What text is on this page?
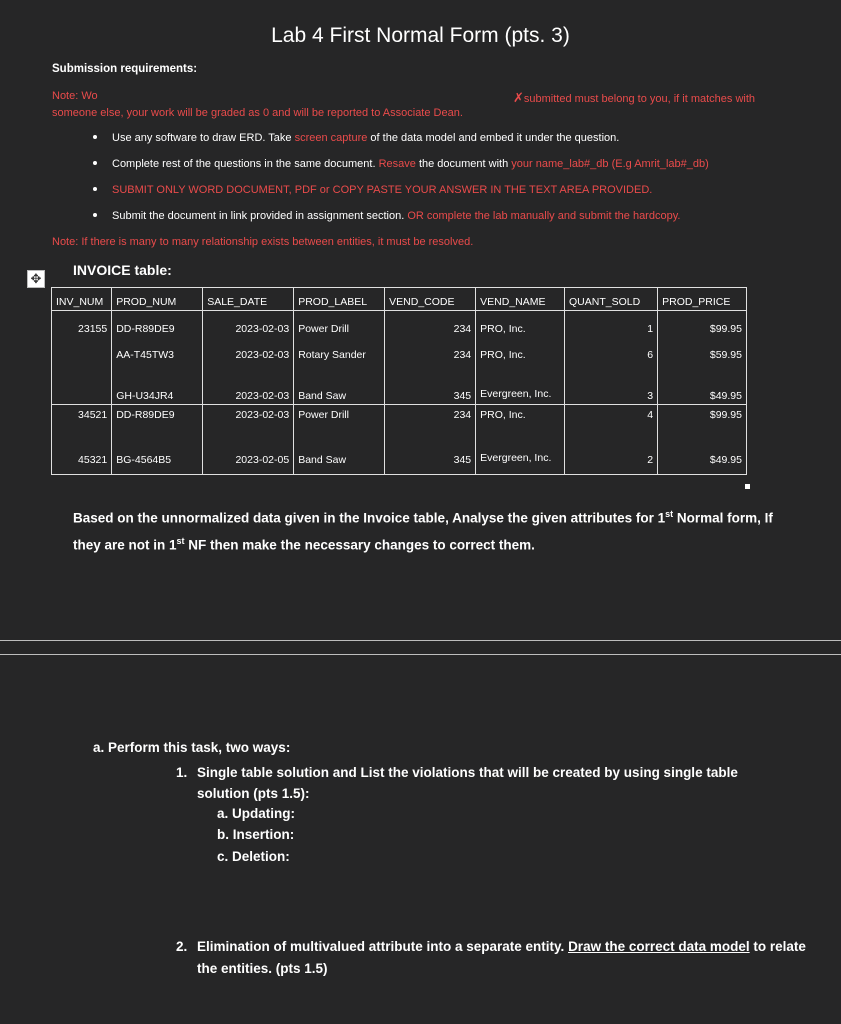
Lab 4 First Normal Form (pts. 3)
Submission requirements:
Note: Wo	✗submitted must belong to you, if it matches with
someone else, your work will be graded as 0 and will be reported to Associate Dean.
Use any software to draw ERD. Take screen capture of the data model and embed it under the question.
Complete rest of the questions in the same document. Resave the document with your name_lab#_db (E.g Amrit_lab#_db)
SUBMIT ONLY WORD DOCUMENT, PDF or COPY PASTE YOUR ANSWER IN THE TEXT AREA PROVIDED.
Submit the document in link provided in assignment section. OR complete the lab manually and submit the hardcopy.
Note: If there is many to many relationship exists between entities, it must be resolved.
✥
INVOICE table:
INV_NUM	PROD_NUM	SALE_DATE	PROD_LABEL	VEND_CODE	VEND_NAME	QUANT_SOLD	PROD_PRICE
23155	DD-R89DE9	2023-02-03	Power Drill	234	PRO, Inc.	1	$99.95
	AA-T45TW3	2023-02-03	Rotary Sander	234	PRO, Inc.	6	$59.95
	GH-U34JR4	2023-02-03	Band Saw	345	Evergreen, Inc.	3	$49.95
34521	DD-R89DE9	2023-02-03	Power Drill	234	PRO, Inc.	4	$99.95
45321	BG-4564B5	2023-02-05	Band Saw	345	Evergreen, Inc.	2	$49.95
Based on the unnormalized data given in the Invoice table, Analyse the given attributes for 1st Normal form, If they are not in 1st NF then make the necessary changes to correct them.
a. Perform this task, two ways:
1. Single table solution and List the violations that will be created by using single table solution (pts 1.5):
a. Updating:
b. Insertion:
c. Deletion:
2. Elimination of multivalued attribute into a separate entity. Draw the correct data model to relate the entities. (pts 1.5)
